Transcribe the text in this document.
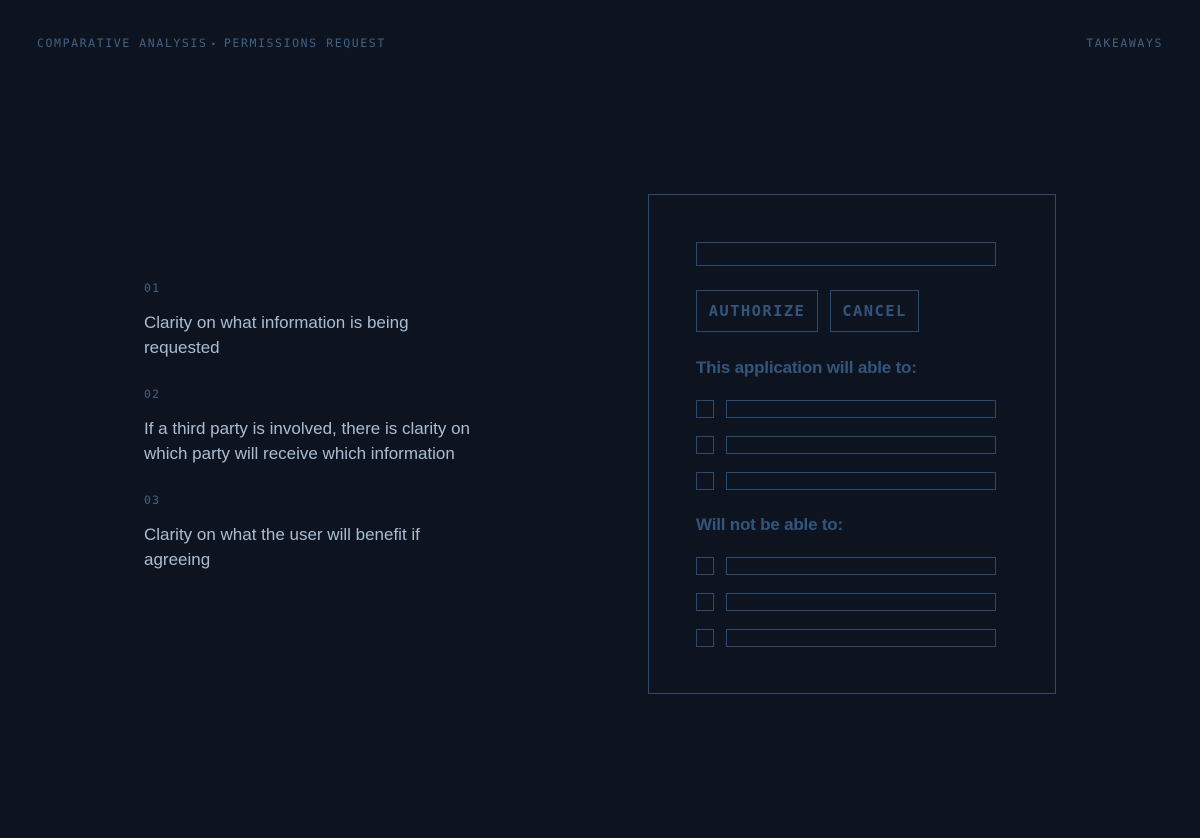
COMPARATIVE ANALYSIS ▸ PERMISSIONS REQUEST	TAKEAWAYS
01
Clarity on what information is being requested
02
If a third party is involved, there is clarity on which party will receive which information
03
Clarity on what the user will benefit if agreeing
AUTHORIZE	CANCEL
This application will able to:
Will not be able to:
